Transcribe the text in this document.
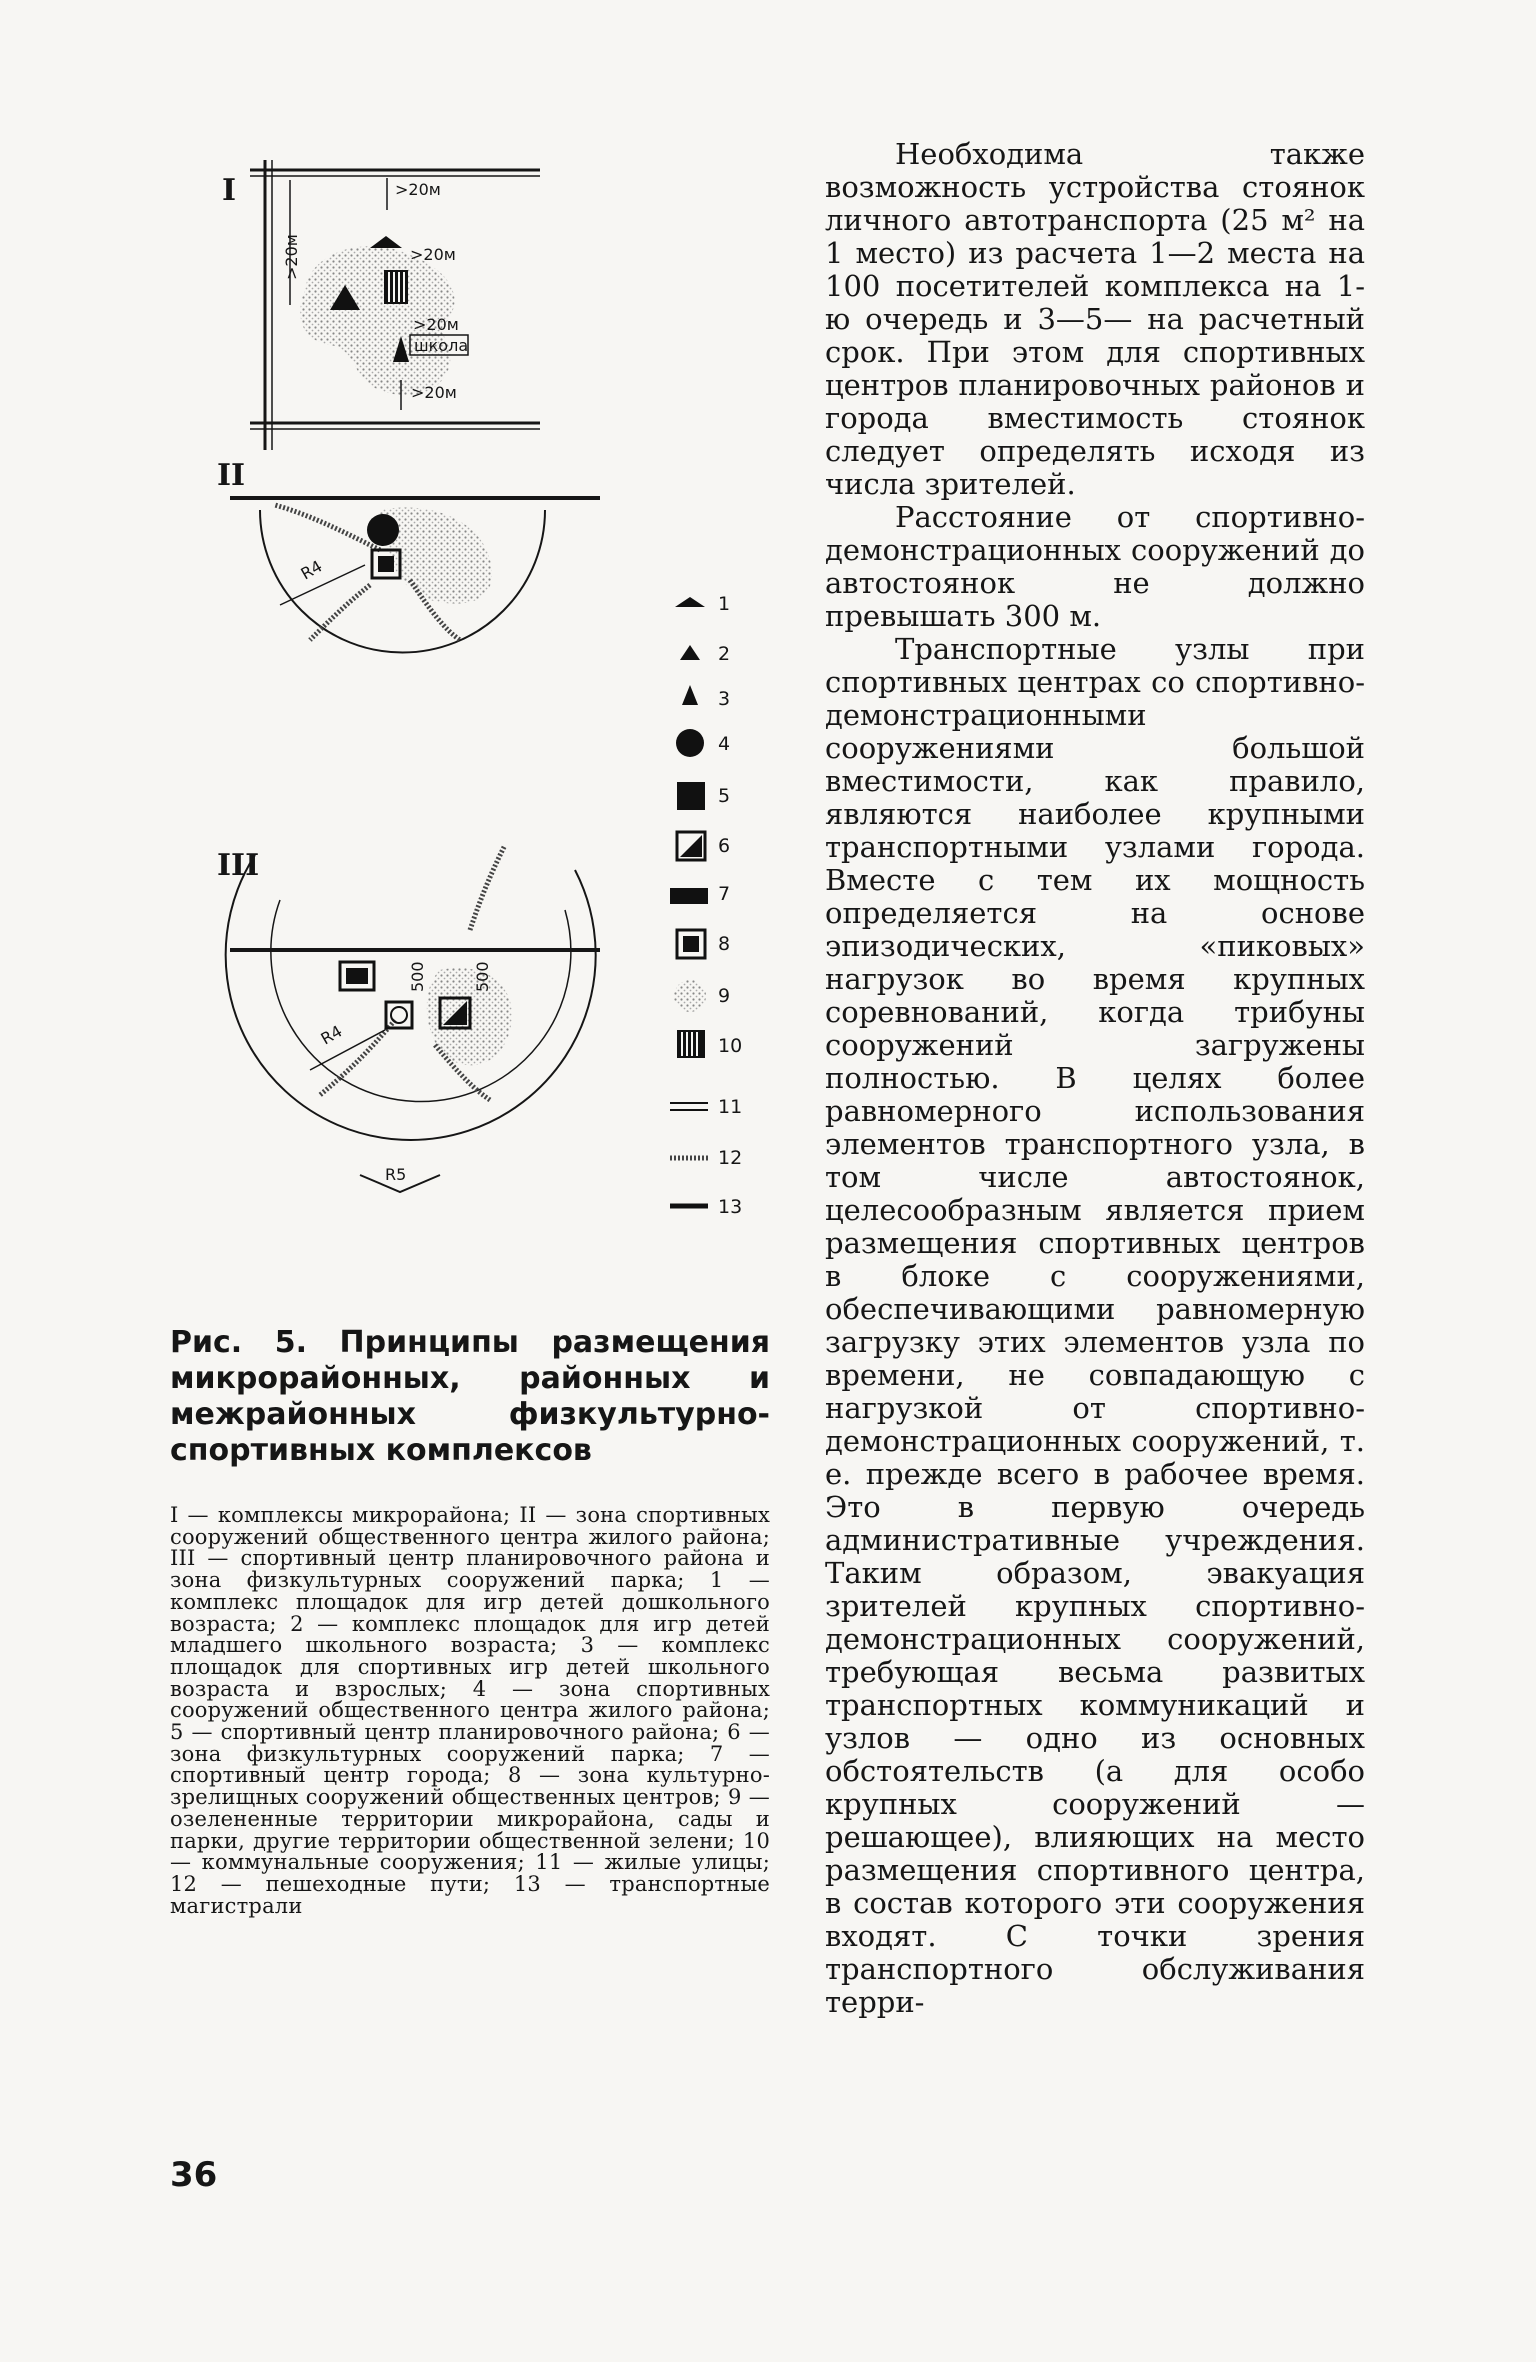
I
>20м
>20м
>20м
>20м
>20м
школа
II
R4
III
500	500
R4
R5
1
2
3
4
5
6
7
8
9
10
11
12
13

Рис. 5. Принципы размещения микрорайонных, районных и межрайонных физкультурно-спортивных комплексов

I — комплексы микрорайона; II — зона спортивных сооружений общественного центра жилого района; III — спортивный центр планировочного района и зона физкультурных сооружений парка; 1 — комплекс площадок для игр детей дошкольного возраста; 2 — комплекс площадок для игр детей младшего школьного возраста; 3 — комплекс площадок для спортивных игр детей школьного возраста и взрослых; 4 — зона спортивных сооружений общественного центра жилого района; 5 — спортивный центр планировочного района; 6 — зона физкультурных сооружений парка; 7 — спортивный центр города; 8 — зона культурно-зрелищных сооружений общественных центров; 9 — озелененные территории микрорайона, сады и парки, другие территории общественной зелени; 10 — коммунальные сооружения; 11 — жилые улицы; 12 — пешеходные пути; 13 — транспортные магистрали

36

Необходима также возможность устройства стоянок личного автотранспорта (25 м² на 1 место) из расчета 1—2 места на 100 посетителей комплекса на 1-ю очередь и 3—5— на расчетный срок. При этом для спортивных центров планировочных районов и города вместимость стоянок следует определять исходя из числа зрителей.

Расстояние от спортивно-демонстрационных сооружений до автостоянок не должно превышать 300 м.

Транспортные узлы при спортивных центрах со спортивно-демонстрационными сооружениями большой вместимости, как правило, являются наиболее крупными транспортными узлами города. Вместе с тем их мощность определяется на основе эпизодических, «пиковых» нагрузок во время крупных соревнований, когда трибуны сооружений загружены полностью. В целях более равномерного использования элементов транспортного узла, в том числе автостоянок, целесообразным является прием размещения спортивных центров в блоке с сооружениями, обеспечивающими равномерную загрузку этих элементов узла по времени, не совпадающую с нагрузкой от спортивно-демонстрационных сооружений, т. е. прежде всего в рабочее время. Это в первую очередь административные учреждения. Таким образом, эвакуация зрителей крупных спортивно-демонстрационных сооружений, требующая весьма развитых транспортных коммуникаций и узлов — одно из основных обстоятельств (а для особо крупных сооружений — решающее), влияющих на место размещения спортивного центра, в состав которого эти сооружения входят. С точки зрения транспортного обслуживания терри-
